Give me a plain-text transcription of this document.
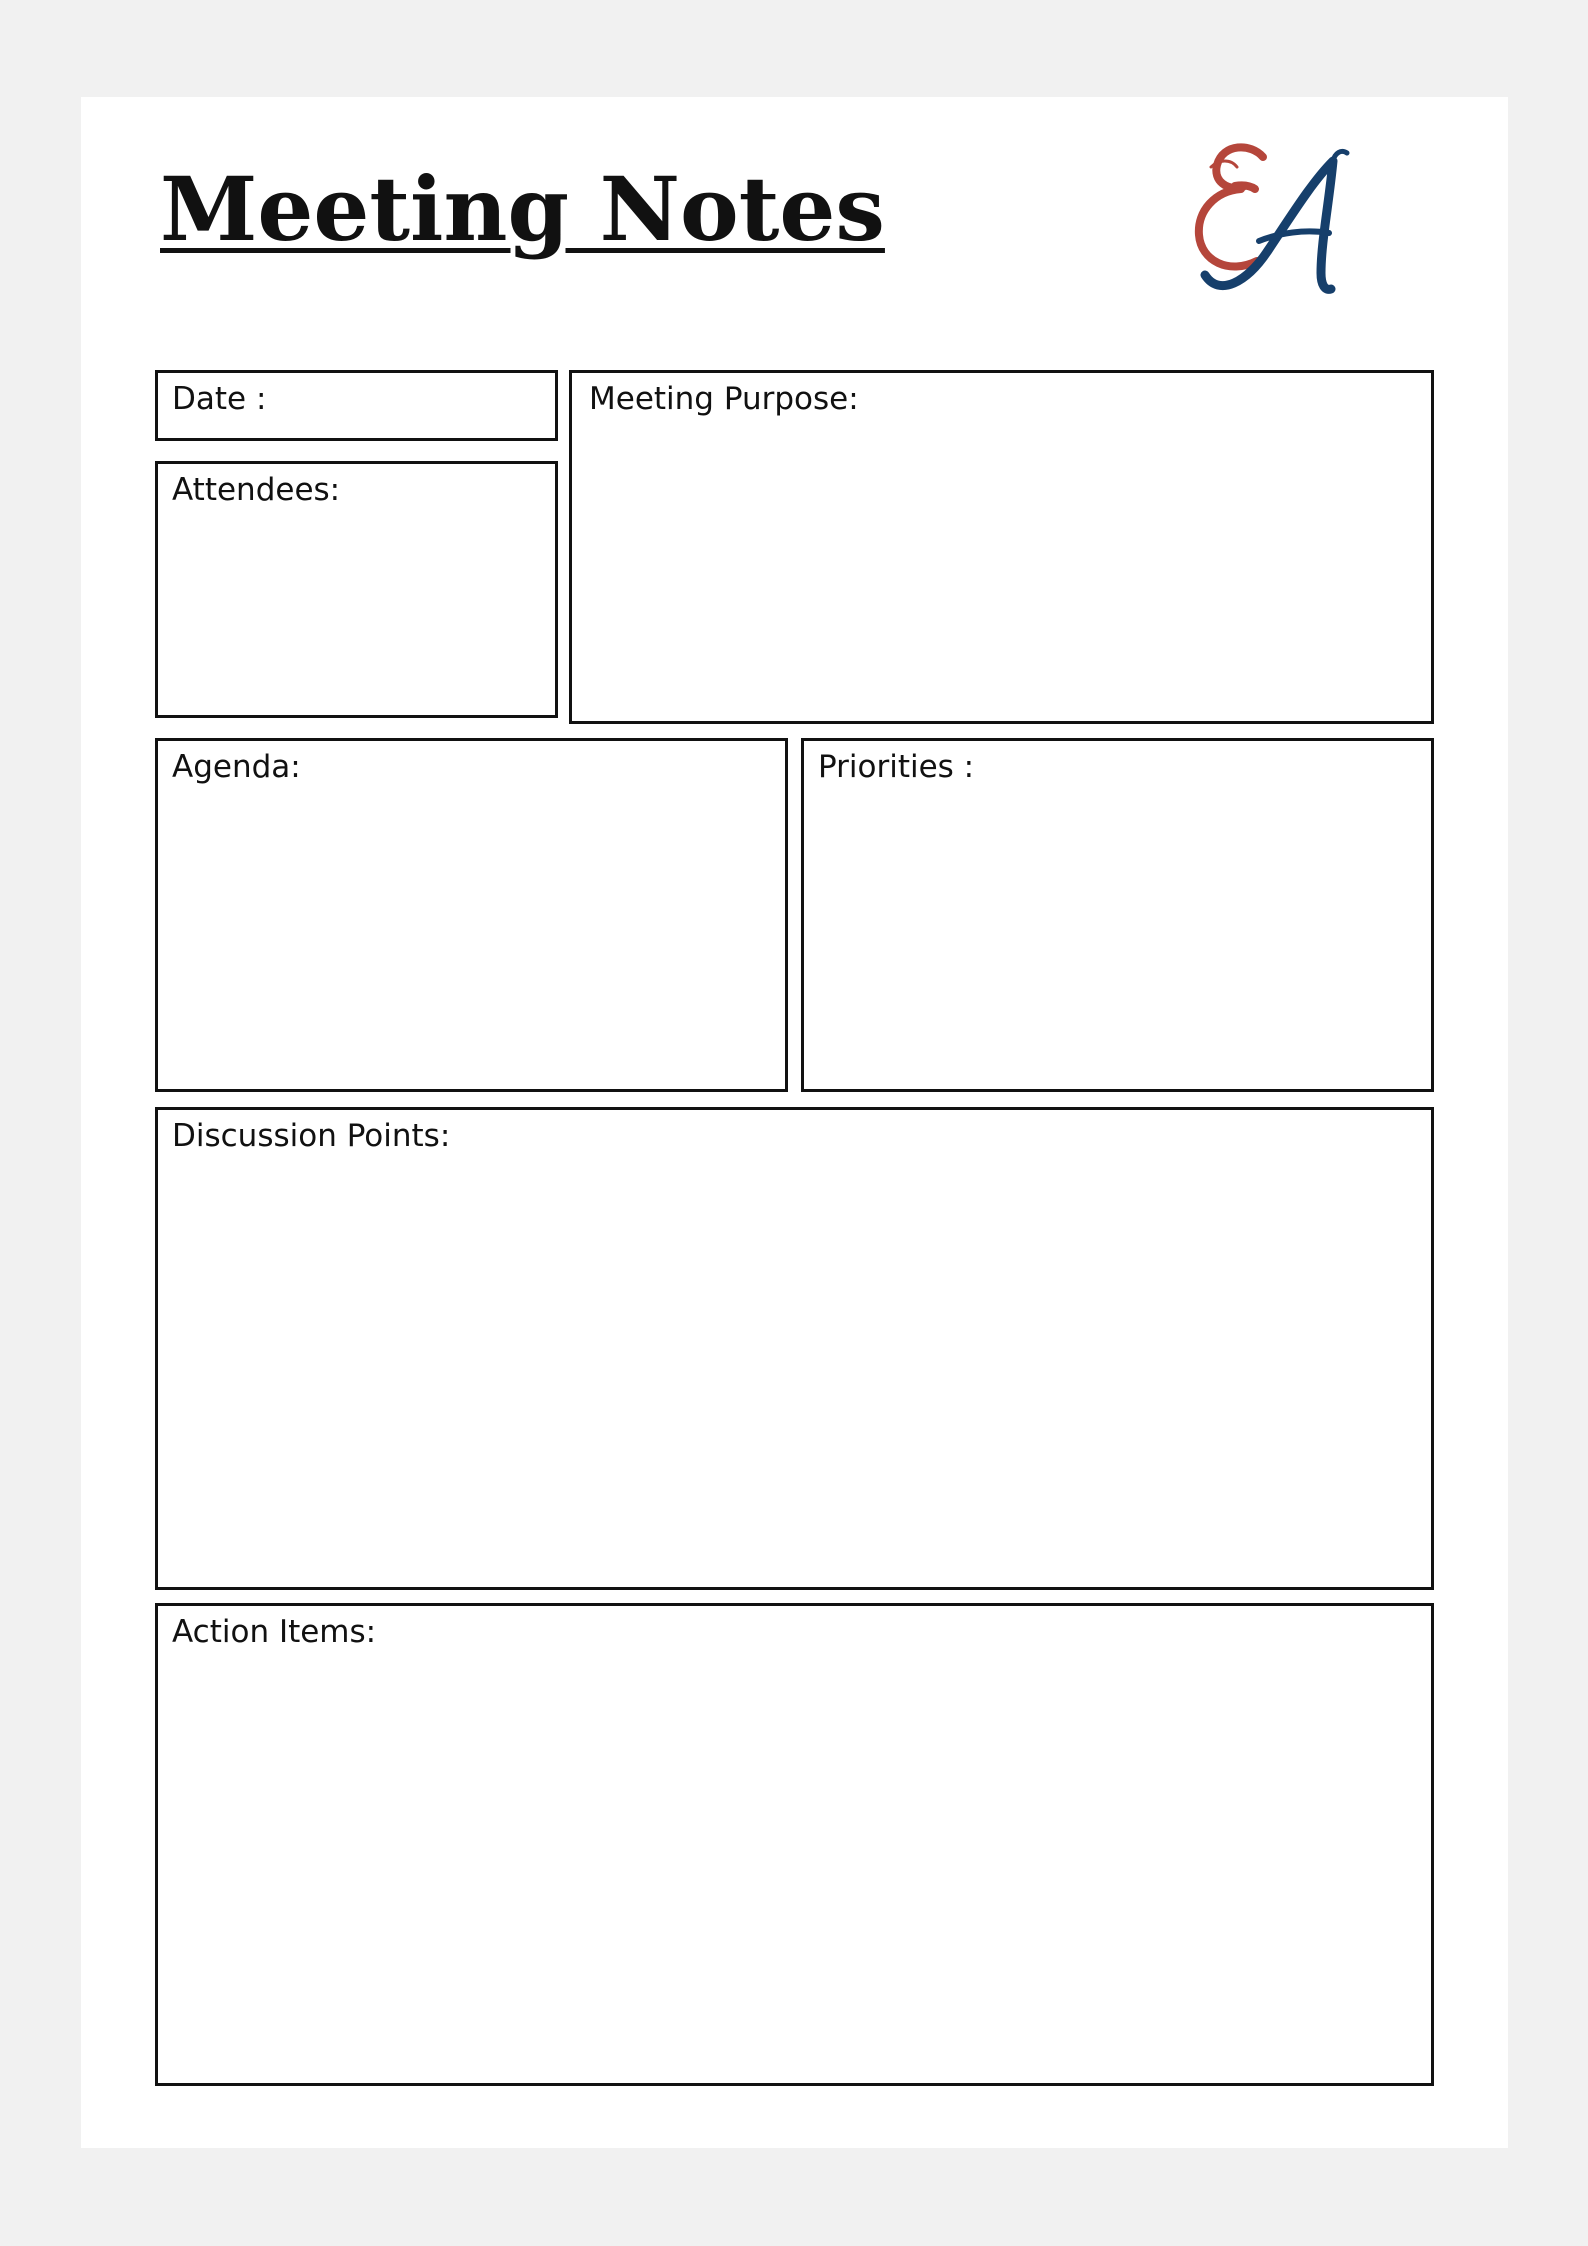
Meeting Notes
Date :
Attendees:
Meeting Purpose:
Agenda:	Priorities :
Discussion Points:
Action Items:
